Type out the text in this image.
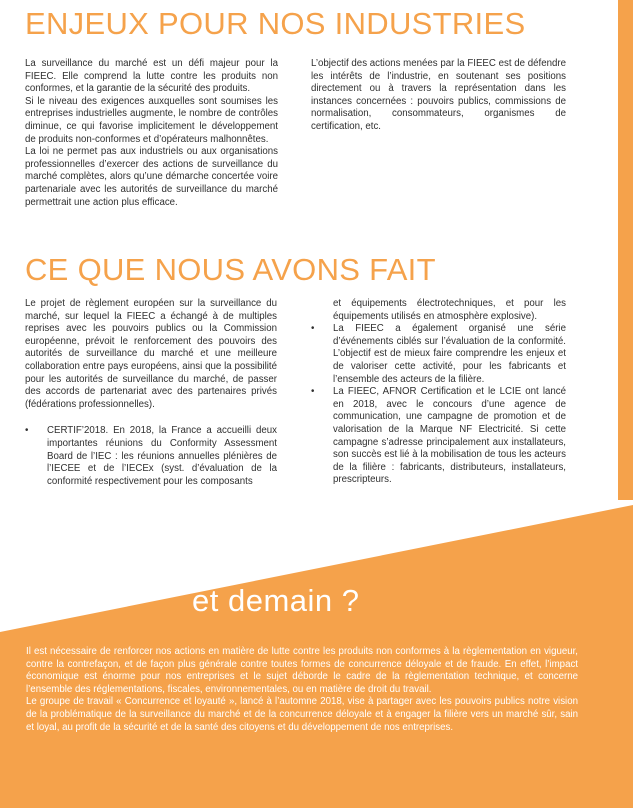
ENJEUX POUR NOS INDUSTRIES

La surveillance du marché est un défi majeur pour la FIEEC. Elle comprend la lutte contre les produits non conformes, et la garantie de la sécurité des produits.

Si le niveau des exigences auxquelles sont soumises les entreprises industrielles augmente, le nombre de contrôles diminue, ce qui favorise implicitement le développement de produits non-conformes et d’opérateurs malhonnêtes.

La loi ne permet pas aux industriels ou aux organisations professionnelles d’exercer des actions de surveillance du marché complètes, alors qu’une démarche concertée voire partenariale avec les autorités de surveillance du marché permettrait une action plus efficace.

L’objectif des actions menées par la FIEEC est de défendre les intérêts de l’industrie, en soutenant ses positions directement ou à travers la représentation dans les instances concernées : pouvoirs publics, commissions de normalisation, consommateurs, organismes de certification, etc.

CE QUE NOUS AVONS FAIT

Le projet de règlement européen sur la surveillance du marché, sur lequel la FIEEC a échangé à de multiples reprises avec les pouvoirs publics ou la Commission européenne, prévoit le renforcement des pouvoirs des autorités de surveillance du marché et une meilleure collaboration entre pays européens, ainsi que la possibilité pour les autorités de surveillance du marché, de passer des accords de partenariat avec des partenaires privés (fédérations professionnelles).

• CERTIF’2018. En 2018, la France a accueilli deux importantes réunions du Conformity Assessment Board de l’IEC : les réunions annuelles plénières de l’IECEE et de l’IECEx (syst. d’évaluation de la conformité respectivement pour les composants

et équipements électrotechniques, et pour les équipements utilisés en atmosphère explosive).

• La FIEEC a également organisé une série d’événements ciblés sur l’évaluation de la conformité. L’objectif est de mieux faire comprendre les enjeux et de valoriser cette activité, pour les fabricants et l’ensemble des acteurs de la filière.
• La FIEEC, AFNOR Certification et le LCIE ont lancé en 2018, avec le concours d’une agence de communication, une campagne de promotion et de valorisation de la Marque NF Electricité. Si cette campagne s’adresse principalement aux installateurs, son succès est lié à la mobilisation de tous les acteurs de la filière : fabricants, distributeurs, installateurs, prescripteurs.
et demain ?

Il est nécessaire de renforcer nos actions en matière de lutte contre les produits non conformes à la règlementation en vigueur, contre la contrefaçon, et de façon plus générale contre toutes formes de concurrence déloyale et de fraude. En effet, l’impact économique est énorme pour nos entreprises et le sujet déborde le cadre de la règlementation technique, et concerne l’ensemble des réglementations, fiscales, environnementales, ou en matière de droit du travail.

Le groupe de travail « Concurrence et loyauté », lancé à l’automne 2018, vise à partager avec les pouvoirs publics notre vision de la problématique de la surveillance du marché et de la concurrence déloyale et à engager la filière vers un marché sûr, sain et loyal, au profit de la sécurité et de la santé des citoyens et du développement de nos entreprises.
